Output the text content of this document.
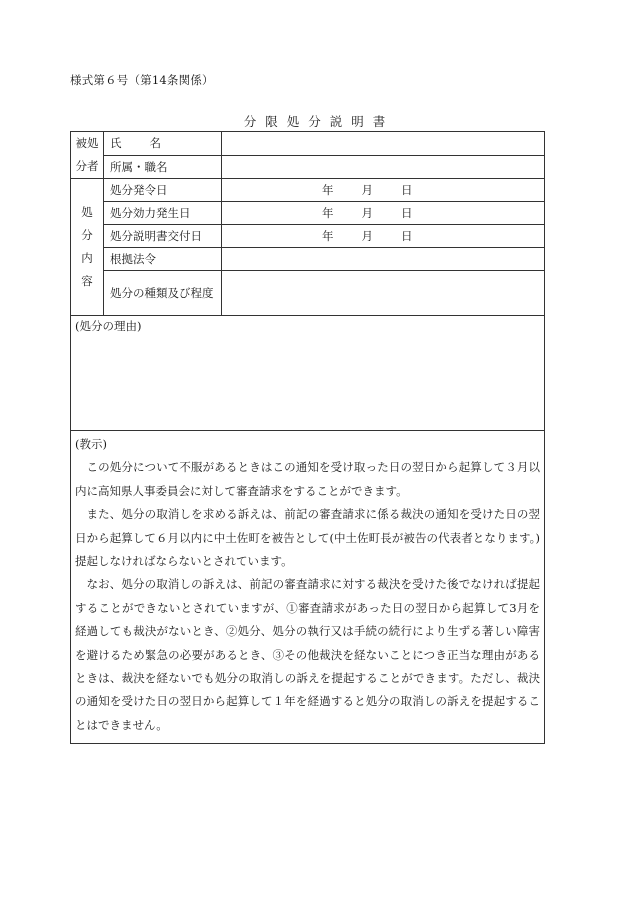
様式第６号（第14条関係）
分限処分説明書
被処
分者	氏 名	
	所属・職名	
処
分
内
容	処分発令日	年 月 日

	処分効力発生日	年 月 日

	処分説明書交付日	年 月 日

	根拠法令	
	処分の種類及び程度	

(処分の理由)		

(教示)

この処分について不服があるときはこの通知を受け取った日の翌日から起算して３月以内に高知県人事委員会に対して審査請求をすることができます。

また、処分の取消しを求める訴えは、前記の審査請求に係る裁決の通知を受けた日の翌日から起算して６月以内に中土佐町を被告として(中土佐町長が被告の代表者となります。)提起しなければならないとされています。

なお、処分の取消しの訴えは、前記の審査請求に対する裁決を受けた後でなければ提起することができないとされていますが、①審査請求があった日の翌日から起算して3月を経過しても裁決がないとき、②処分、処分の執行又は手続の続行により生ずる著しい障害を避けるため緊急の必要があるとき、③その他裁決を経ないことにつき正当な理由があるときは、裁決を経ないでも処分の取消しの訴えを提起することができます。ただし、裁決の通知を受けた日の翌日から起算して１年を経過すると処分の取消しの訴えを提起することはできません。		
